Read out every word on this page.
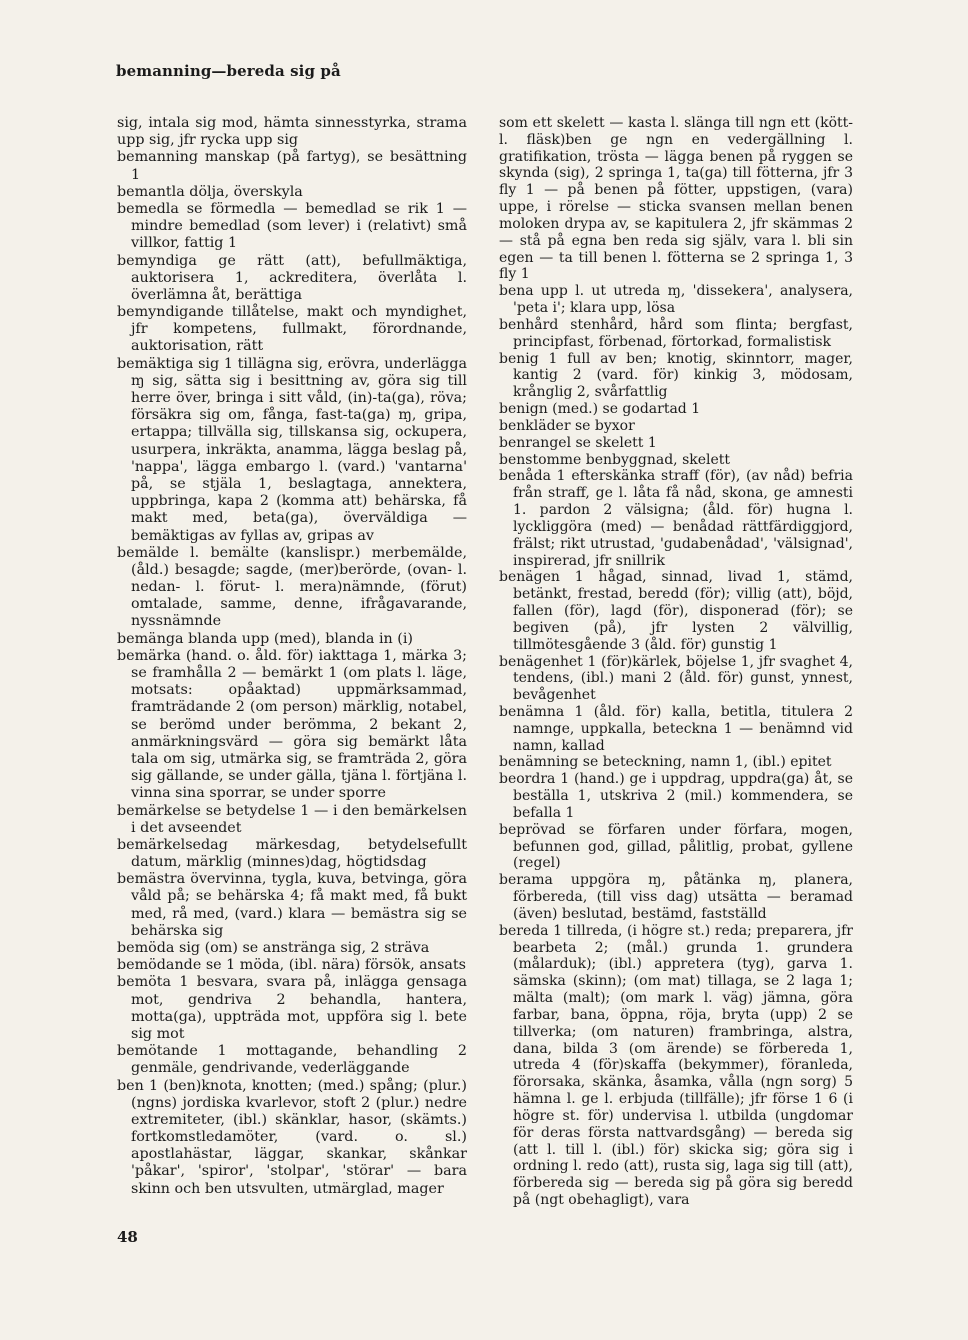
bemanning—bereda sig på

sig, intala sig mod, hämta sinnesstyrka, strama upp sig, jfr rycka upp sig

bemanning manskap (på fartyg), se besättning 1

bemantla dölja, överskyla

bemedla se förmedla — bemedlad se rik 1 — mindre bemedlad (som lever) i (relativt) små villkor, fattig 1

bemyndiga ge rätt (att), befullmäktiga, auktorisera 1, ackreditera, överlåta l. överlämna åt, berättiga

bemyndigande tillåtelse, makt och myndighet, jfr kompetens, fullmakt, förordnande, auktorisation, rätt

bemäktiga sig 1 tillägna sig, erövra, underlägga ɱ sig, sätta sig i besittning av, göra sig till herre över, bringa i sitt våld, (in)-ta(ga), röva; försäkra sig om, fånga, fast-ta(ga) ɱ, gripa, ertappa; tillvälla sig, tillskansa sig, ockupera, usurpera, inkräkta, anamma, lägga beslag på, 'nappa', lägga embargo l. (vard.) 'vantarna' på, se stjäla 1, beslagtaga, annektera, uppbringa, kapa 2 (komma att) behärska, få makt med, beta(ga), överväldiga — bemäktigas av fyllas av, gripas av

bemälde l. bemälte (kanslispr.) merbemälde, (åld.) besagde; sagde, (mer)berörde, (ovan- l. nedan- l. förut- l. mera)nämnde, (förut) omtalade, samme, denne, ifrågavarande, nyssnämnde

bemänga blanda upp (med), blanda in (i)

bemärka (hand. o. åld. för) iakttaga 1, märka 3; se framhålla 2 — bemärkt 1 (om plats l. läge, motsats: opåaktad) uppmärksammad, framträdande 2 (om person) märklig, notabel, se berömd under berömma, 2 bekant 2, anmärkningsvärd — göra sig bemärkt låta tala om sig, utmärka sig, se framträda 2, göra sig gällande, se under gälla, tjäna l. förtjäna l. vinna sina sporrar, se under sporre

bemärkelse se betydelse 1 — i den bemärkelsen i det avseendet

bemärkelsedag märkesdag, betydelsefullt datum, märklig (minnes)dag, högtidsdag

bemästra övervinna, tygla, kuva, betvinga, göra våld på; se behärska 4; få makt med, få bukt med, rå med, (vard.) klara — bemästra sig se behärska sig

bemöda sig (om) se anstränga sig, 2 sträva

bemödande se 1 möda, (ibl. nära) försök, ansats

bemöta 1 besvara, svara på, inlägga gensaga mot, gendriva 2 behandla, hantera, mottа(ga), uppträda mot, uppföra sig l. bete sig mot

bemötande 1 mottagande, behandling 2 genmäle, gendrivande, vederläggande

ben 1 (ben)knota, knotten; (med.) spång; (plur.) (ngns) jordiska kvarlevor, stoft 2 (plur.) nedre extremiteter, (ibl.) skänklar, hasor, (skämts.) fortkomstledamöter, (vard. o. sl.) apostlahästar, läggar, skankar, skånkar 'påkar', 'spiror', 'stolpar', 'störar' — bara skinn och ben utsvulten, utmärglad, mager

som ett skelett — kasta l. slänga till ngn ett (kött- l. fläsk)ben ge ngn en vedergällning l. gratifikation, trösta — lägga benen på ryggen se skynda (sig), 2 springa 1, ta(ga) till fötterna, jfr 3 fly 1 — på benen på fötter, uppstigen, (vara) uppe, i rörelse — sticka svansen mellan benen moloken drypa av, se kapitulera 2, jfr skämmas 2 — stå på egna ben reda sig själv, vara l. bli sin egen — ta till benen l. fötterna se 2 springa 1, 3 fly 1

bena upp l. ut utreda ɱ, 'dissekera', analysera, 'peta i'; klara upp, lösa

benhård stenhård, hård som flinta; bergfast, principfast, förbenad, förtorkad, formalistisk

benig 1 full av ben; knotig, skinntorr, mager, kantig 2 (vard. för) kinkig 3, mödosam, krånglig 2, svårfattlig

benign (med.) se godartad 1

benkläder se byxor

benrangel se skelett 1

benstomme benbyggnad, skelett

benåda 1 efterskänka straff (för), (av nåd) befria från straff, ge l. låta få nåd, skona, ge amnesti 1. pardon 2 välsigna; (åld. för) hugna l. lyckliggöra (med) — benådad rättfärdiggjord, frälst; rikt utrustad, 'gudabenådad', 'välsignad', inspirerad, jfr snillrik

benägen 1 hågad, sinnad, livad 1, stämd, betänkt, frestad, beredd (för); villig (att), böjd, fallen (för), lagd (för), disponerad (för); se begiven (på), jfr lysten 2 välvillig, tillmötesgående 3 (åld. för) gunstig 1

benägenhet 1 (för)kärlek, böjelse 1, jfr svaghet 4, tendens, (ibl.) mani 2 (åld. för) gunst, ynnest, bevågenhet

benämna 1 (åld. för) kalla, betitla, titulera 2 namnge, uppkalla, beteckna 1 — benämnd vid namn, kallad

benämning se beteckning, namn 1, (ibl.) epitet

beordra 1 (hand.) ge i uppdrag, uppdra(ga) åt, se beställa 1, utskriva 2 (mil.) kommendera, se befalla 1

beprövad se förfaren under förfara, mogen, befunnen god, gillad, pålitlig, probat, gyllene (regel)

berama uppgöra ɱ, påtänka ɱ, planera, förbereda, (till viss dag) utsätta — beramad (även) beslutad, bestämd, fastställd

bereda 1 tillreda, (i högre st.) reda; preparera, jfr bearbeta 2; (mål.) grunda 1. grundera (målarduk); (ibl.) appretera (tyg), garva 1. sämska (skinn); (om mat) tillaga, se 2 laga 1; mälta (malt); (om mark l. väg) jämna, göra farbar, bana, öppna, röja, bryta (upp) 2 se tillverka; (om naturen) frambringa, alstra, dana, bilda 3 (om ärende) se förbereda 1, utreda 4 (för)skaffa (bekymmer), föranleda, förorsaka, skänka, åsamka, vålla (ngn sorg) 5 hämna l. ge l. erbjuda (tillfälle); jfr förse 1 6 (i högre st. för) undervisa l. utbilda (ungdomar för deras första nattvardsgång) — bereda sig (att l. till l. (ibl.) för) skicka sig; göra sig i ordning l. redo (att), rusta sig, laga sig till (att), förbereda sig — bereda sig på göra sig beredd på (ngt obehagligt), vara

48
